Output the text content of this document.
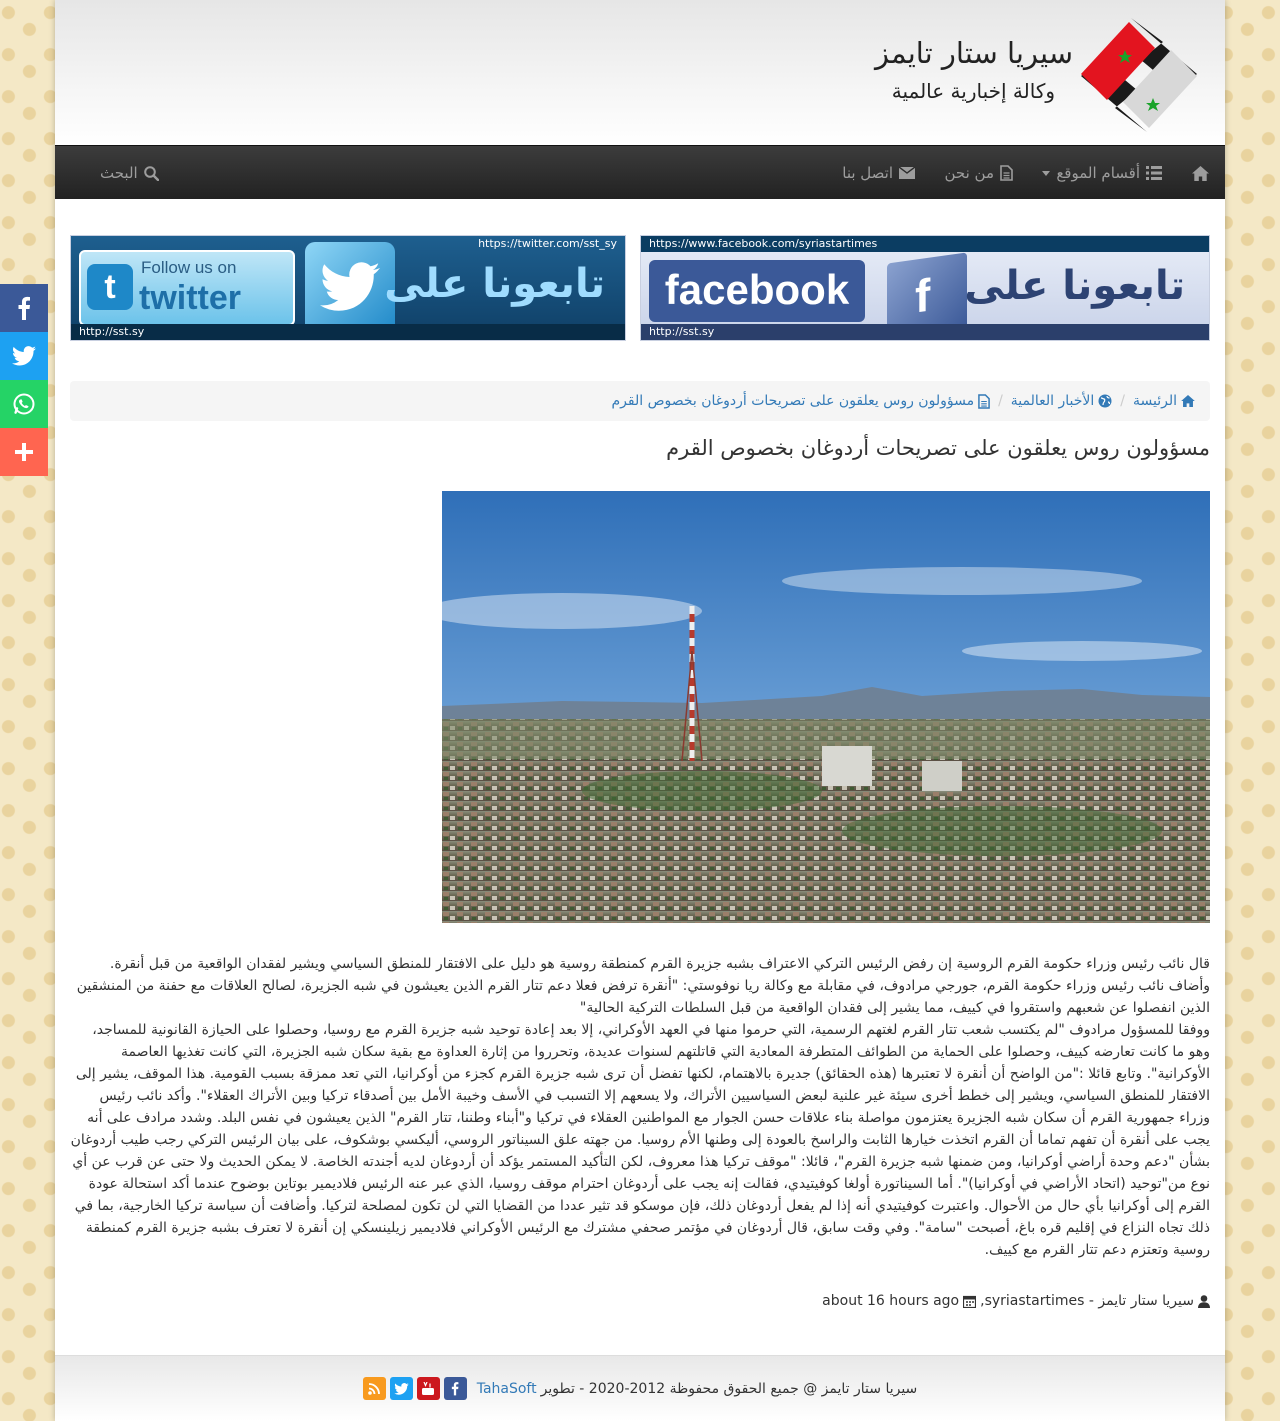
سيريا ستار تايمز
وكالة إخبارية عالمية
أقسام الموقع
من نحن
اتصل بنا
البحث
https://www.facebook.com/syriastartimes
facebook	f تابعونا على
http://sst.sy
https://twitter.com/sst_sy
t
Follow us on
twitter	تابعونا على
http://sst.sy
الرئيسة
/
الأخبار العالمية
/
مسؤولون روس يعلقون على تصريحات أردوغان بخصوص القرم
مسؤولون روس يعلقون على تصريحات أردوغان بخصوص القرم

قال نائب رئيس وزراء حكومة القرم الروسية إن رفض الرئيس التركي الاعتراف بشبه جزيرة القرم كمنطقة روسية هو دليل على الافتقار للمنطق السياسي ويشير لفقدان الواقعية من قبل أنقرة.

وأضاف نائب رئيس وزراء حكومة القرم، جورجي مرادوف، في مقابلة مع وكالة ريا نوفوستي: "أنقرة ترفض فعلا دعم تتار القرم الذين يعيشون في شبه الجزيرة، لصالح العلاقات مع حفنة من المنشقين الذين انفصلوا عن شعبهم واستقروا في كييف، مما يشير إلى فقدان الواقعية من قبل السلطات التركية الحالية"

ووفقا للمسؤول مرادوف "لم يكتسب شعب تتار القرم لغتهم الرسمية، التي حرموا منها في العهد الأوكراني، إلا بعد إعادة توحيد شبه جزيرة القرم مع روسيا، وحصلوا على الحيازة القانونية للمساجد، وهو ما كانت تعارضه كييف، وحصلوا على الحماية من الطوائف المتطرفة المعادية التي قاتلتهم لسنوات عديدة، وتحرروا من إثارة العداوة مع بقية سكان شبه الجزيرة، التي كانت تغذيها العاصمة الأوكرانية". وتابع قائلا :"من الواضح أن أنقرة لا تعتبرها (هذه الحقائق) جديرة بالاهتمام، لكنها تفضل أن ترى شبه جزيرة القرم كجزء من أوكرانيا، التي تعد ممزقة بسبب القومية. هذا الموقف، يشير إلى الافتقار للمنطق السياسي، ويشير إلى خطط أخرى سيئة غير علنية لبعض السياسيين الأتراك، ولا يسعهم إلا التسبب في الأسف وخيبة الأمل بين أصدقاء تركيا وبين الأتراك العقلاء". وأكد نائب رئيس وزراء جمهورية القرم أن سكان شبه الجزيرة يعتزمون مواصلة بناء علاقات حسن الجوار مع المواطنين العقلاء في تركيا و"أبناء وطننا، تتار القرم" الذين يعيشون في نفس البلد. وشدد مرادف على أنه يجب على أنقرة أن تفهم تماما أن القرم اتخذت خيارها الثابت والراسخ بالعودة إلى وطنها الأم روسيا. من جهته علق السيناتور الروسي، أليكسي بوشكوف، على بيان الرئيس التركي رجب طيب أردوغان بشأن "دعم وحدة أراضي أوكرانيا، ومن ضمنها شبه جزيرة القرم"، قائلا: "موقف تركيا هذا معروف، لكن التأكيد المستمر يؤكد أن أردوغان لديه أجندته الخاصة. لا يمكن الحديث ولا حتى عن قرب عن أي نوع من"توحيد (اتحاد الأراضي في أوكرانيا)". أما السيناتورة أولغا كوفيتيدي، فقالت إنه يجب على أردوغان احترام موقف روسيا، الذي عبر عنه الرئيس فلاديمير بوتاين بوضوح عندما أكد استحالة عودة القرم إلى أوكرانيا بأي حال من الأحوال. واعتبرت كوفيتيدي أنه إذا لم يفعل أردوغان ذلك، فإن موسكو قد تثير عددا من القضايا التي لن تكون لمصلحة لتركيا. وأضافت أن سياسة تركيا الخارجية، بما في ذلك تجاه النزاع في إقليم قره باغ، أصبحت "سامة". وفي وقت سابق، قال أردوغان في مؤتمر صحفي مشترك مع الرئيس الأوكراني فلاديمير زيلينسكي إن أنقرة لا تعترف بشبه جزيرة القرم كمنطقة روسية وتعتزم دعم تتار القرم مع كييف.

سيريا ستار تايمز - syriastartimes,
about 16 hours ago
سيريا ستار تايمز @ جميع الحقوق محفوظة 2012-2020 - تطوير
TahaSoft
